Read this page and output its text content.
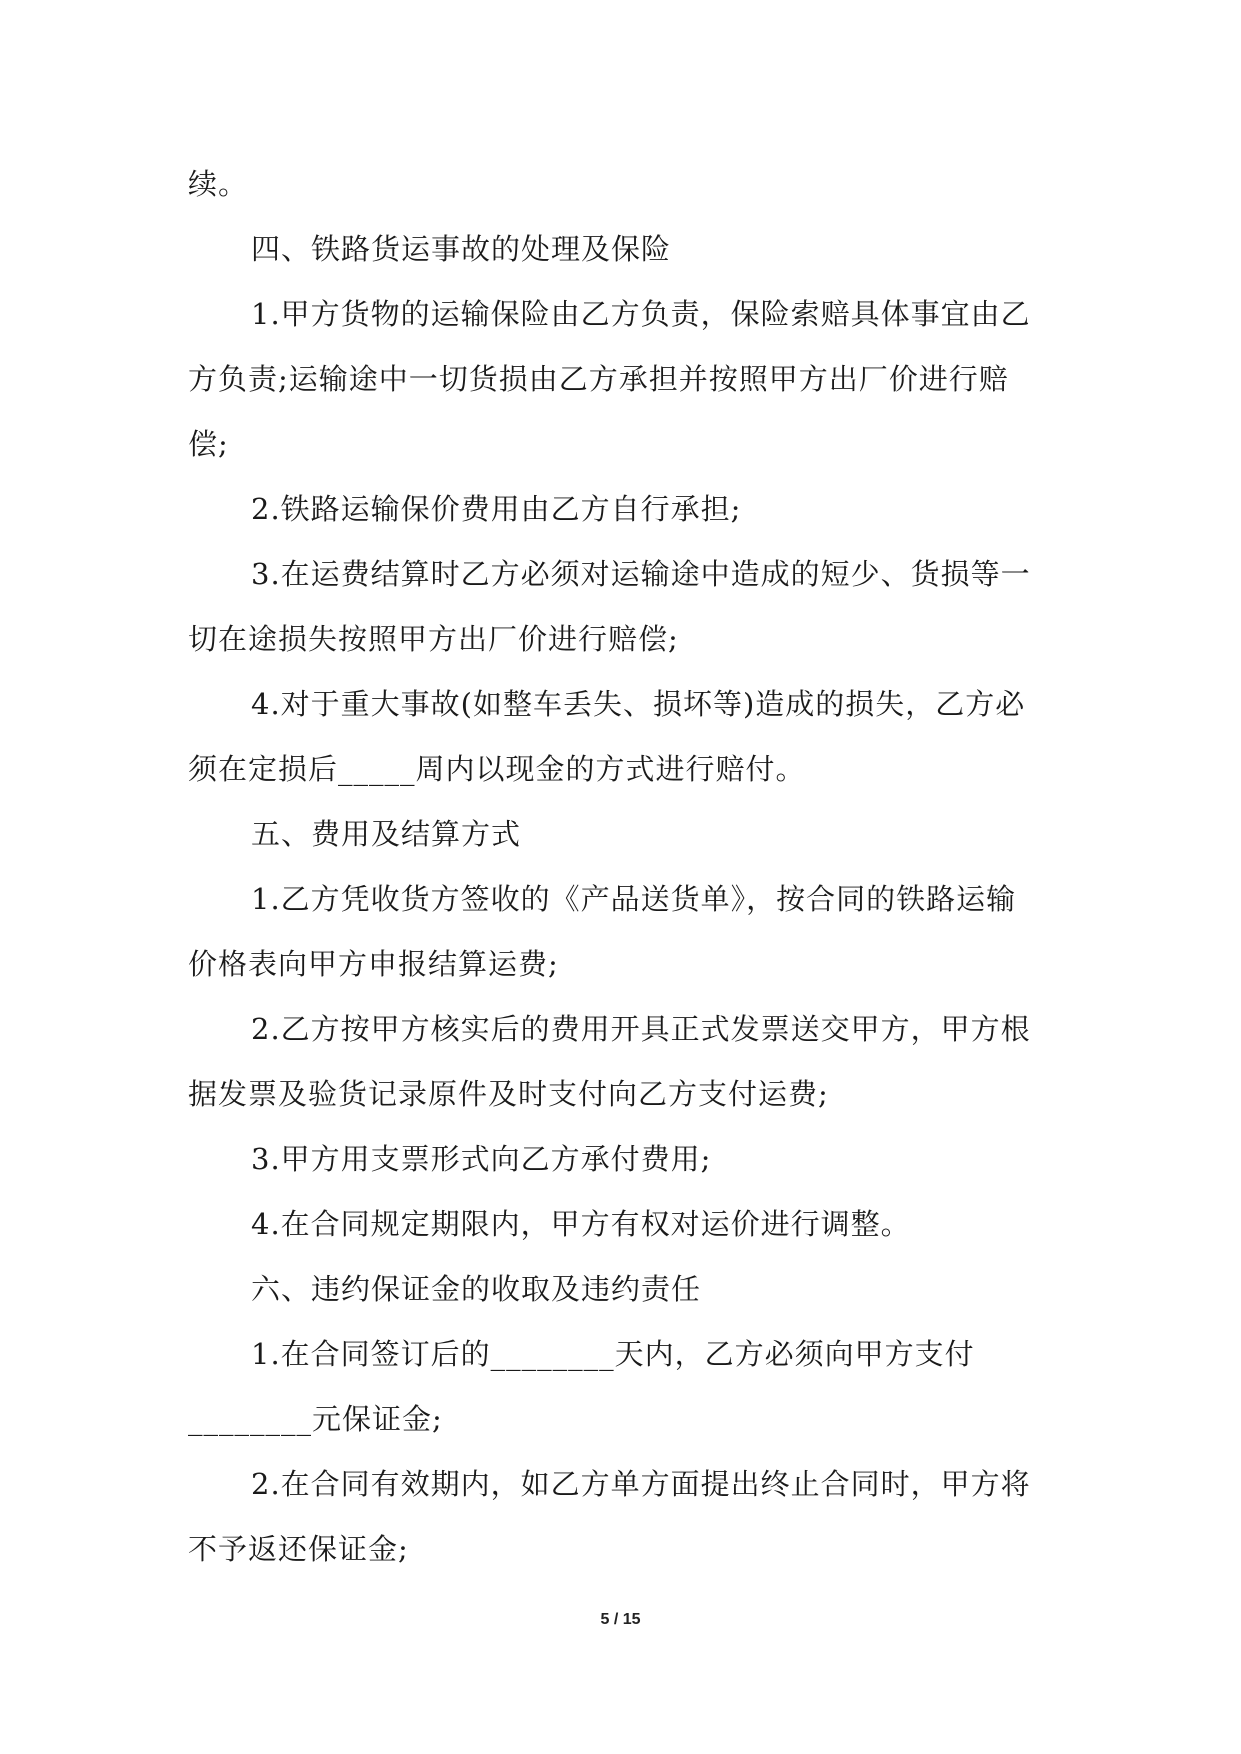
续。
四、铁路货运事故的处理及保险
1.甲方货物的运输保险由乙方负责，保险索赔具体事宜由乙
方负责;运输途中一切货损由乙方承担并按照甲方出厂价进行赔
偿;
2.铁路运输保价费用由乙方自行承担;
3.在运费结算时乙方必须对运输途中造成的短少、货损等一
切在途损失按照甲方出厂价进行赔偿;
4.对于重大事故(如整车丢失、损坏等)造成的损失，乙方必
须在定损后_____周内以现金的方式进行赔付。
五、费用及结算方式
1.乙方凭收货方签收的《产品送货单》，按合同的铁路运输
价格表向甲方申报结算运费;
2.乙方按甲方核实后的费用开具正式发票送交甲方，甲方根
据发票及验货记录原件及时支付向乙方支付运费;
3.甲方用支票形式向乙方承付费用;
4.在合同规定期限内，甲方有权对运价进行调整。
六、违约保证金的收取及违约责任
1.在合同签订后的________天内，乙方必须向甲方支付
________元保证金;
2.在合同有效期内，如乙方单方面提出终止合同时，甲方将
不予返还保证金;
5 / 15
